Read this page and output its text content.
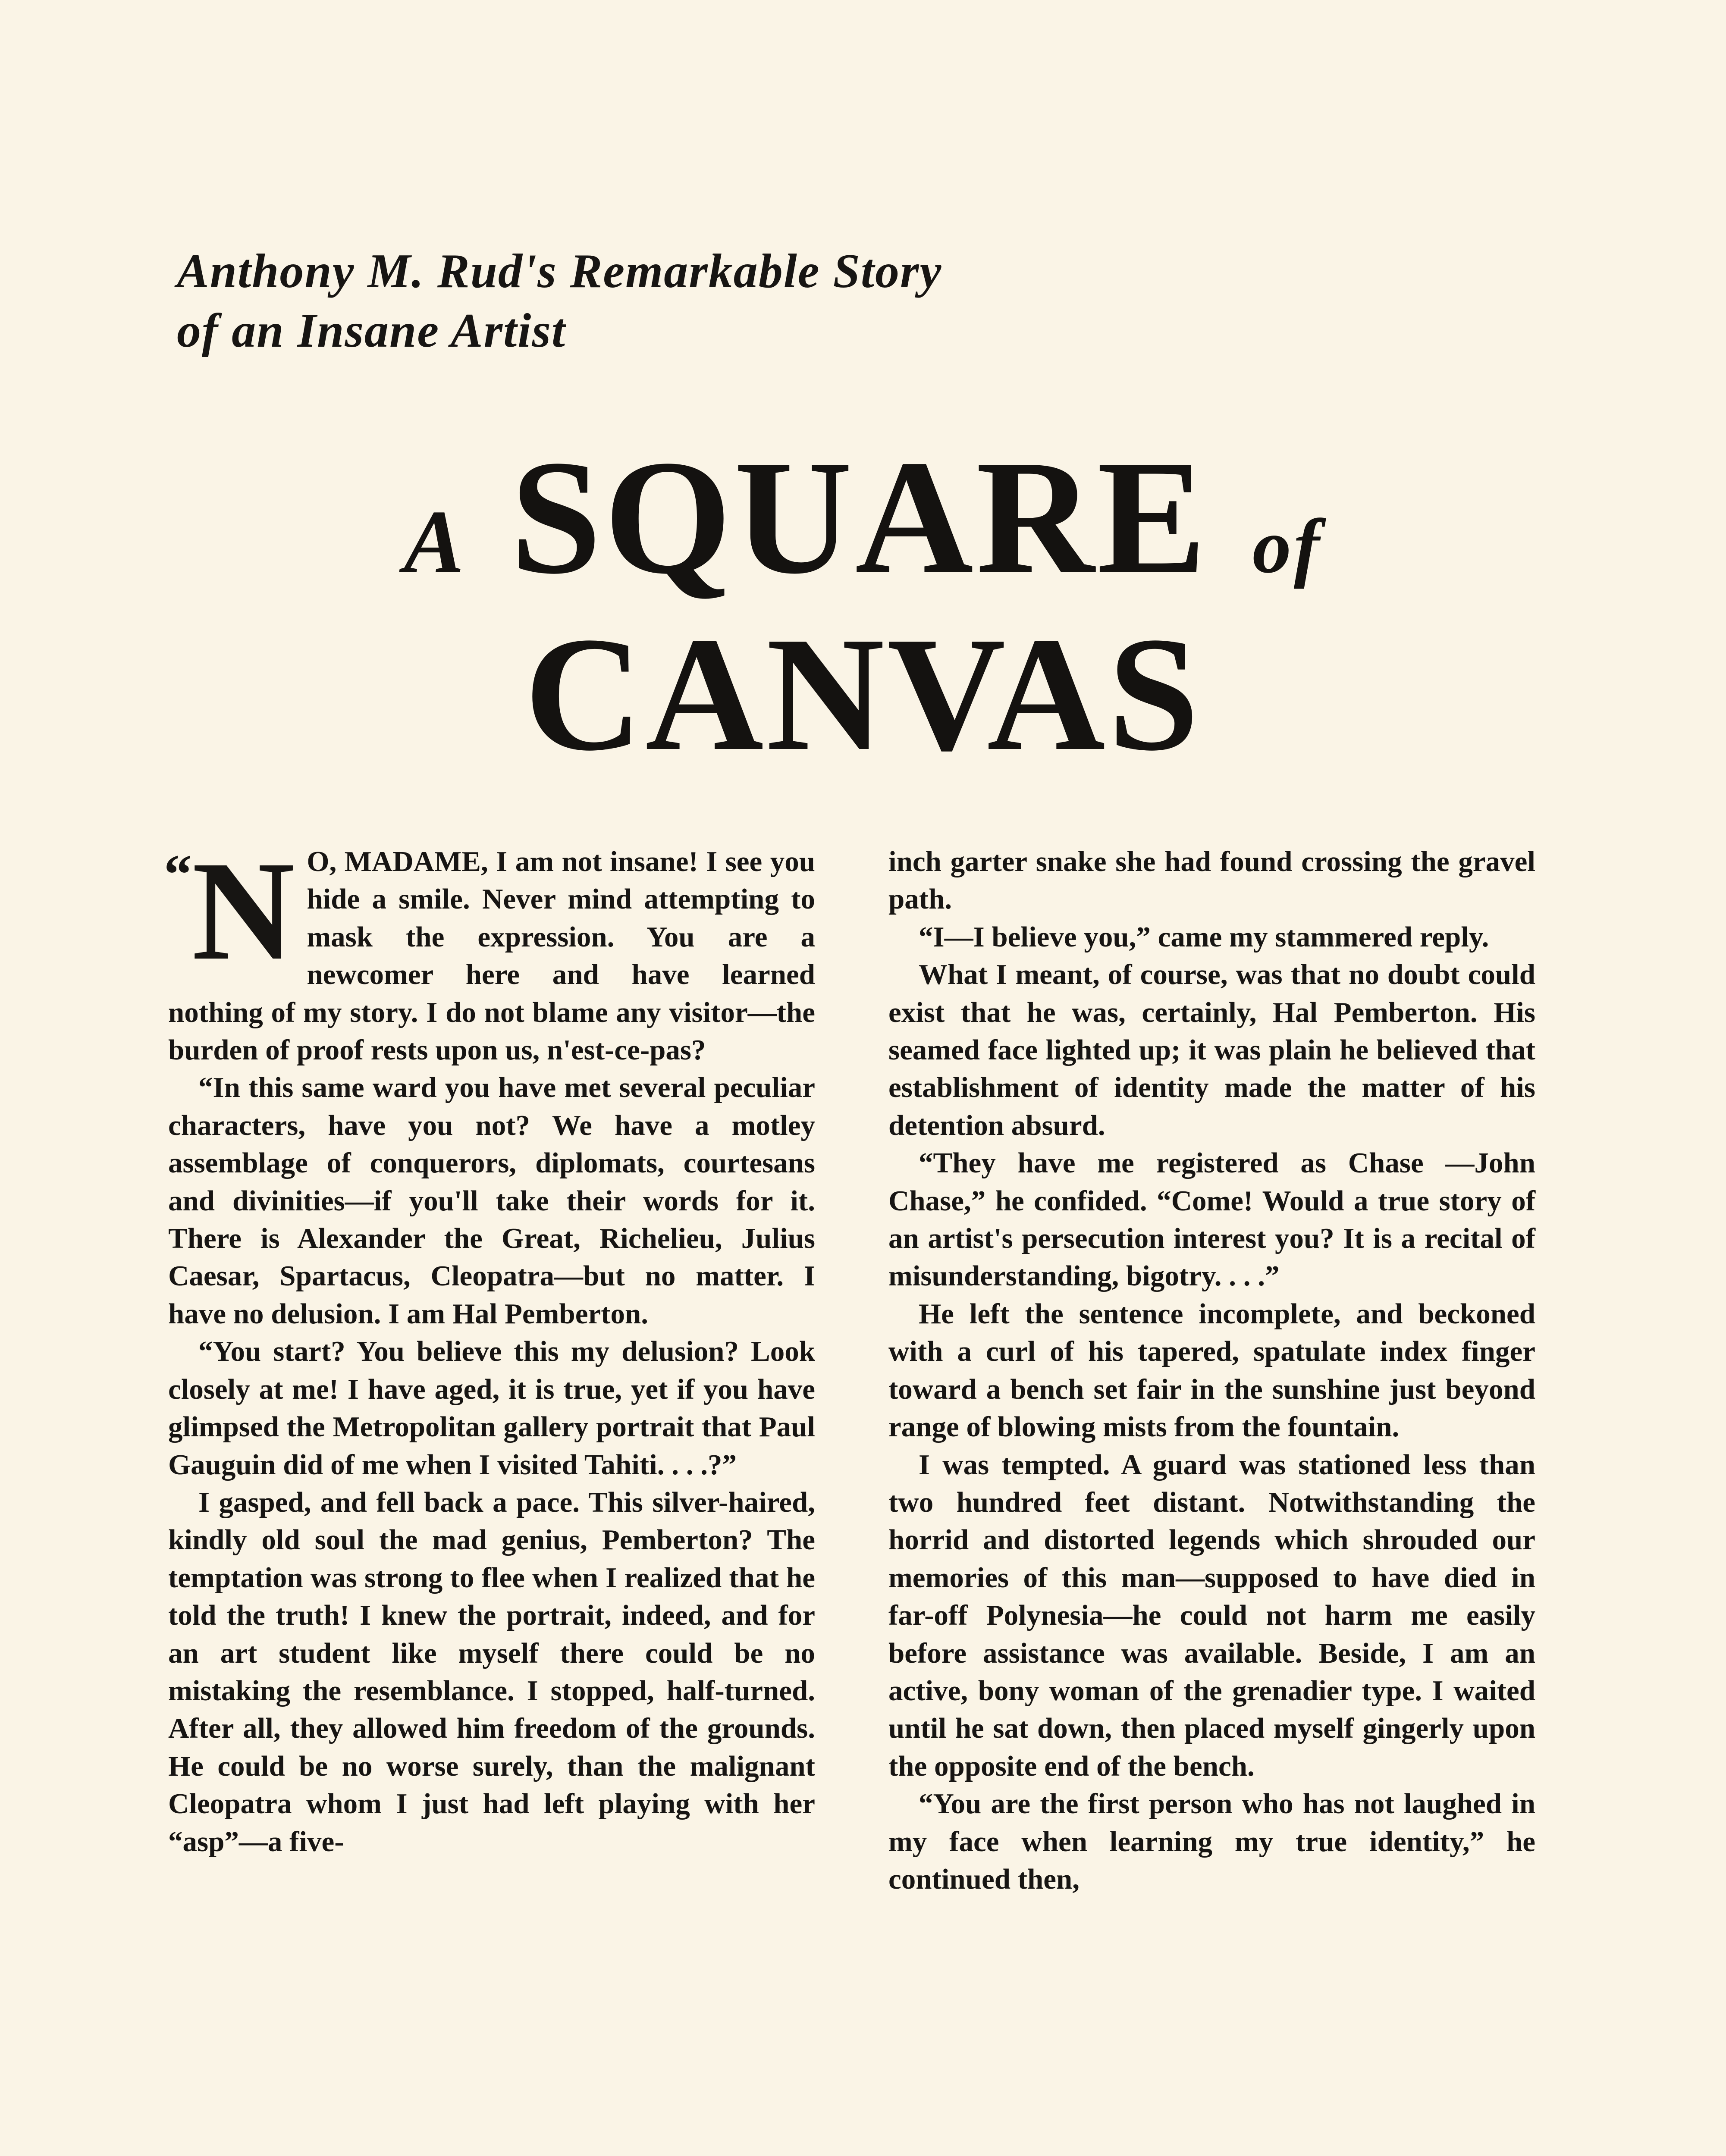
Anthony M. Rud's Remarkable Story
of an Insane Artist
A SQUARE of
CANVAS
“N O, MADAME, I am not insane! I see you hide a smile. Never mind attempting to mask the expression. You are a newcomer here and have learned nothing of my story. I do not blame any visitor—the burden of proof rests upon us, n'est-ce-pas?

“In this same ward you have met several peculiar characters, have you not? We have a motley assemblage of conquerors, diplomats, courtesans and divinities—if you'll take their words for it. There is Alexander the Great, Richelieu, Julius Caesar, Spartacus, Cleopatra—but no matter. I have no delusion. I am Hal Pemberton.

“You start? You believe this my delusion? Look closely at me! I have aged, it is true, yet if you have glimpsed the Metropolitan gallery portrait that Paul Gauguin did of me when I visited Tahiti. . . .?”

I gasped, and fell back a pace. This silver-haired, kindly old soul the mad genius, Pemberton? The temptation was strong to flee when I realized that he told the truth! I knew the portrait, indeed, and for an art student like myself there could be no mistaking the resemblance. I stopped, half-turned. After all, they allowed him freedom of the grounds. He could be no worse surely, than the malignant Cleopatra whom I just had left playing with her “asp”—a five-

inch garter snake she had found crossing the gravel path.

“I—I believe you,” came my stammered reply.

What I meant, of course, was that no doubt could exist that he was, certainly, Hal Pemberton. His seamed face lighted up; it was plain he believed that establishment of identity made the matter of his detention absurd.

“They have me registered as Chase —John Chase,” he confided. “Come! Would a true story of an artist's persecution interest you? It is a recital of misunderstanding, bigotry. . . .”

He left the sentence incomplete, and beckoned with a curl of his tapered, spatulate index finger toward a bench set fair in the sunshine just beyond range of blowing mists from the fountain.

I was tempted. A guard was stationed less than two hundred feet distant. Notwithstanding the horrid and distorted legends which shrouded our memories of this man—supposed to have died in far-off Polynesia—he could not harm me easily before assistance was available. Beside, I am an active, bony woman of the grenadier type. I waited until he sat down, then placed myself gingerly upon the opposite end of the bench.

“You are the first person who has not laughed in my face when learning my true identity,” he continued then,
